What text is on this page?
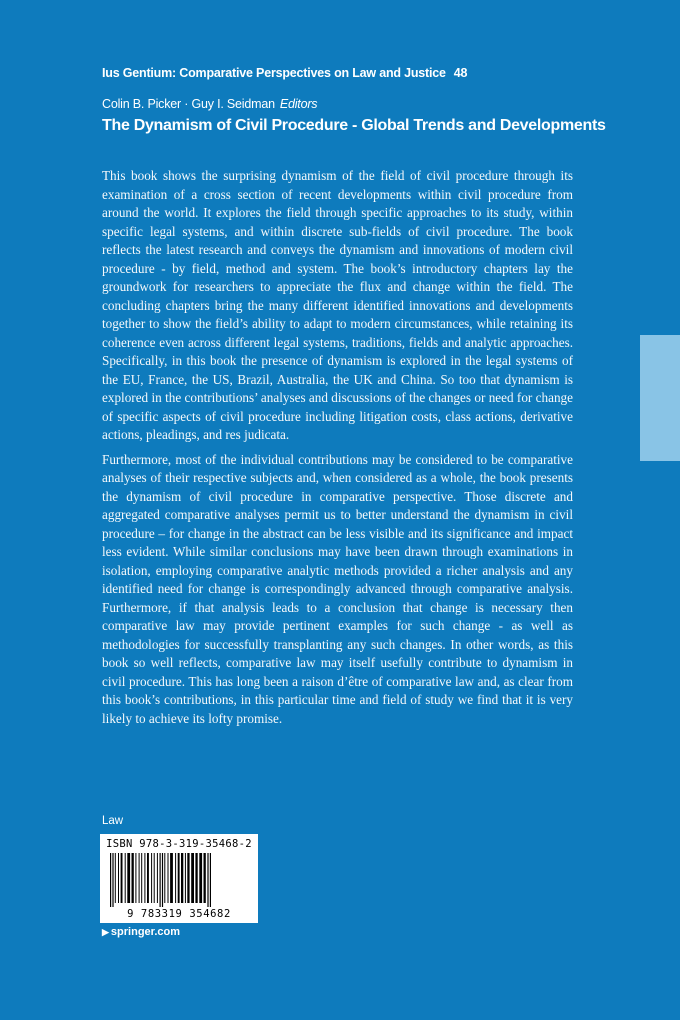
Ius Gentium: Comparative Perspectives on Law and Justice 48
Colin B. Picker · Guy I. Seidman Editors
The Dynamism of Civil Procedure - Global Trends and Developments

This book shows the surprising dynamism of the field of civil procedure through its examination of a cross section of recent developments within civil procedure from around the world. It explores the field through specific approaches to its study, within specific legal systems, and within discrete sub-fields of civil procedure. The book reflects the latest research and conveys the dynamism and innovations of modern civil procedure - by field, method and system. The book’s introductory chapters lay the groundwork for researchers to appreciate the flux and change within the field. The concluding chapters bring the many different identified innovations and developments together to show the field’s ability to adapt to modern circumstances, while retaining its coherence even across different legal systems, traditions, fields and analytic approaches. Specifically, in this book the presence of dynamism is explored in the legal systems of the EU, France, the US, Brazil, Australia, the UK and China. So too that dynamism is explored in the contributions’ analyses and discussions of the changes or need for change of specific aspects of civil procedure including litigation costs, class actions, derivative actions, pleadings, and res judicata.

Furthermore, most of the individual contributions may be considered to be comparative analyses of their respective subjects and, when considered as a whole, the book presents the dynamism of civil procedure in comparative perspective. Those discrete and aggregated comparative analyses permit us to better understand the dynamism in civil procedure – for change in the abstract can be less visible and its significance and impact less evident. While similar conclusions may have been drawn through examinations in isolation, employing comparative analytic methods provided a richer analysis and any identified need for change is correspondingly advanced through comparative analysis. Furthermore, if that analysis leads to a conclusion that change is necessary then comparative law may provide pertinent examples for such change - as well as methodologies for successfully transplanting any such changes. In other words, as this book so well reflects, comparative law may itself usefully contribute to dynamism in civil procedure. This has long been a raison d’être of comparative law and, as clear from this book’s contributions, in this particular time and field of study we find that it is very likely to achieve its lofty promise.

Law
ISBN 978-3-319-35468-2
9 783319 354682
▶ springer.com
